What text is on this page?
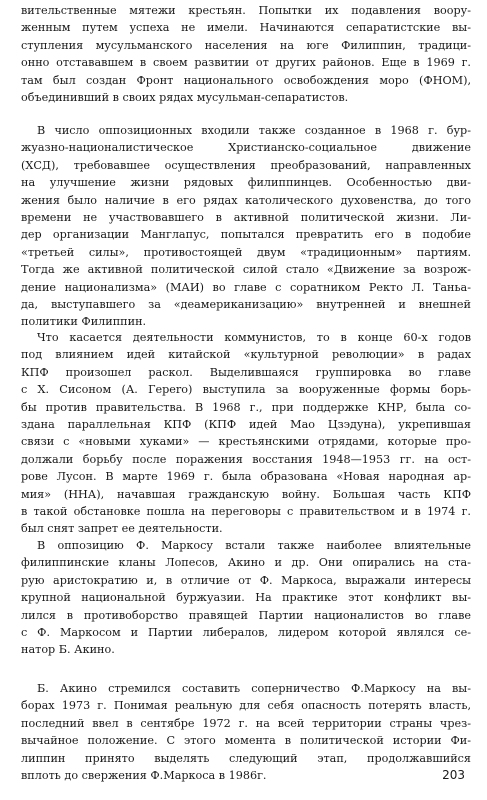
вительственные мятежи крестьян. Попытки их подавления воору-
женным путем успеха не имели. Начинаются сепаратистские вы-
ступления мусульманского населения на юге Филиппин, традици-
онно отстававшем в своем развитии от других районов. Еще в 1969 г.
там был создан Фронт национального освобождения моро (ФНОМ),
объединивший в своих рядах мусульман-сепаратистов.
В число оппозиционных входили также созданное в 1968 г. бур-
жуазно-националистическое Христианско-социальное движение
(ХСД), требовавшее осуществления преобразований, направленных
на улучшение жизни рядовых филиппинцев. Особенностью дви-
жения было наличие в его рядах католического духовенства, до того
времени не участвовавшего в активной политической жизни. Ли-
дер организации Манглапус, попытался превратить его в подобие
«третьей силы», противостоящей двум «традиционным» партиям.
Тогда же активной политической силой стало «Движение за возрож-
дение национализма» (МАИ) во главе с соратником Ректо Л. Таньа-
да, выступавшего за «деамериканизацию» внутренней и внешней
политики Филиппин.
Что касается деятельности коммунистов, то в конце 60-х годов
под влиянием идей китайской «культурной революции» в радах
КПФ произошел раскол. Выделившаяся группировка во главе
с Х. Сисоном (А. Герero) выступила за вооруженные формы борь-
бы против правительства. В 1968 г., при поддержке КНР, была со-
здана параллельная КПФ (КПФ идей Мао Цзэдуна), укрепившая
связи с «новыми хуками» — крестьянскими отрядами, которые про-
должали борьбу после поражения восстания 1948—1953 гг. на ост-
рове Лусон. В марте 1969 г. была образована «Новая народная ар-
мия» (ННА), начавшая гражданскую войну. Большая часть КПФ
в такой обстановке пошла на переговоры с правительством и в 1974 г.
был снят запрет ее деятельности.
В оппозицию Ф. Маркосу встали также наиболее влиятельные
филиппинские кланы Лопесов, Акино и др. Они опирались на ста-
рую аристократию и, в отличие от Ф. Маркоса, выражали интересы
крупной национальной буржуазии. На практике этот конфликт вы-
лился в противоборство правящей Партии националистов во главе
с Ф. Маркосом и Партии либералов, лидером которой являлся се-
натор Б. Акино.
Б. Акино стремился составить соперничество Ф.Маркосу на вы-
борах 1973 г. Понимая реальную для себя опасность потерять власть,
последний ввел в сентябре 1972 г. на всей территории страны чрез-
вычайное положение. С этого момента в политической истории Фи-
липпин принято выделять следующий этап, продолжавшийся
вплоть до свержения Ф.Маркоса в 1986г.	203
